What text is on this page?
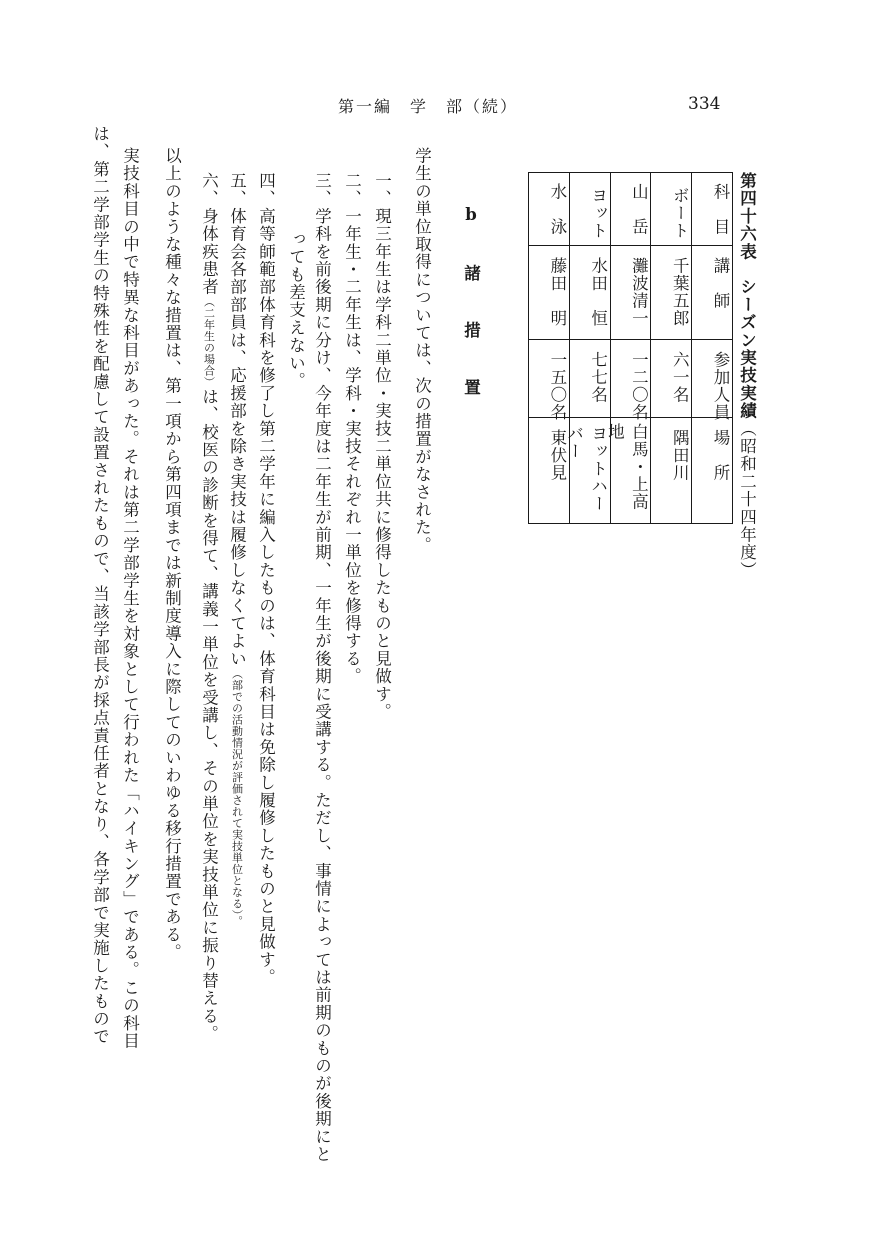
第一編　学　部（続）	334
第四十六表　シーズン実技実績（昭和二十四年度）
科　目
講　師
参加人員
場　所
ボート
千葉五郎
六一名
隅田川
山　岳
灘波清一
一二〇名
白馬・上高地
ヨット
水田　恒
七七名
ヨットハーバー
水　泳
藤田　明
一五〇名
東伏見
b　諸　措　置
学生の単位取得については、次の措置がなされた。
一、現三年生は学科二単位・実技二単位共に修得したものと見做す。
二、一年生・二年生は、学科・実技それぞれ一単位を修得する。
三、学科を前後期に分け、今年度は二年生が前期、一年生が後期に受講する。ただし、事情によっては前期のものが後期にと
　　っても差支えない。
四、高等師範部体育科を修了し第二学年に編入したものは、体育科目は免除し履修したものと見做す。
五、体育会各部部員は、応援部を除き実技は履修しなくてよい（部での活動情況が評価されて実技単位となる）。
六、身体疾患者（二年生の場合）は、校医の診断を得て、講義一単位を受講し、その単位を実技単位に振り替える。
以上のような種々な措置は、第一項から第四項までは新制度導入に際してのいわゆる移行措置である。
実技科目の中で特異な科目があった。それは第二学部学生を対象として行われた「ハイキング」である。この科目
は、第二学部学生の特殊性を配慮して設置されたもので、当該学部長が採点責任者となり、各学部で実施したもので
